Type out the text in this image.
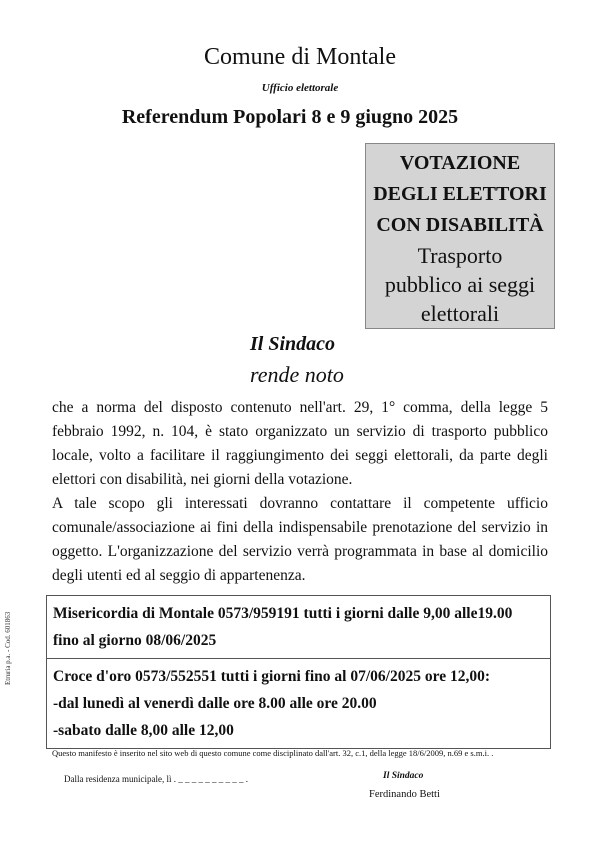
Comune di Montale
Ufficio elettorale
Referendum Popolari 8 e 9 giugno 2025
VOTAZIONE
DEGLI ELETTORI
CON DISABILITÀ
Trasporto
pubblico ai seggi
elettorali
Il Sindaco
rende noto
che a norma del disposto contenuto nell'art. 29, 1° comma, della legge 5 febbraio 1992, n. 104, è stato organizzato un servizio di trasporto pubblico locale, volto a facilitare il raggiungimento dei seggi elettorali, da parte degli elettori con disabilità, nei giorni della votazione.
A tale scopo gli interessati dovranno contattare il competente ufficio comunale/associazione ai fini della indispensabile prenotazione del servizio in oggetto. L'organizzazione del servizio verrà programmata in base al domicilio degli utenti ed al seggio di appartenenza.
Etruria p.a. - Cod. 601863	Misericordia di Montale 0573/959191 tutti i giorni dalle 9,00 alle19.00
fino al giorno 08/06/2025
Croce d'oro 0573/552551 tutti i giorni fino al 07/06/2025 ore 12,00:
-dal lunedì al venerdì dalle ore 8.00 alle ore 20.00
-sabato dalle 8,00 alle 12,00
Questo manifesto è inserito nel sito web di questo comune come disciplinato dall'art. 32, c.1, della legge 18/6/2009, n.69 e s.m.i. .
Dalla residenza municipale, lì . _ _ _ _ _ _ _ _ _ _ .	Il Sindaco
Ferdinando Betti
